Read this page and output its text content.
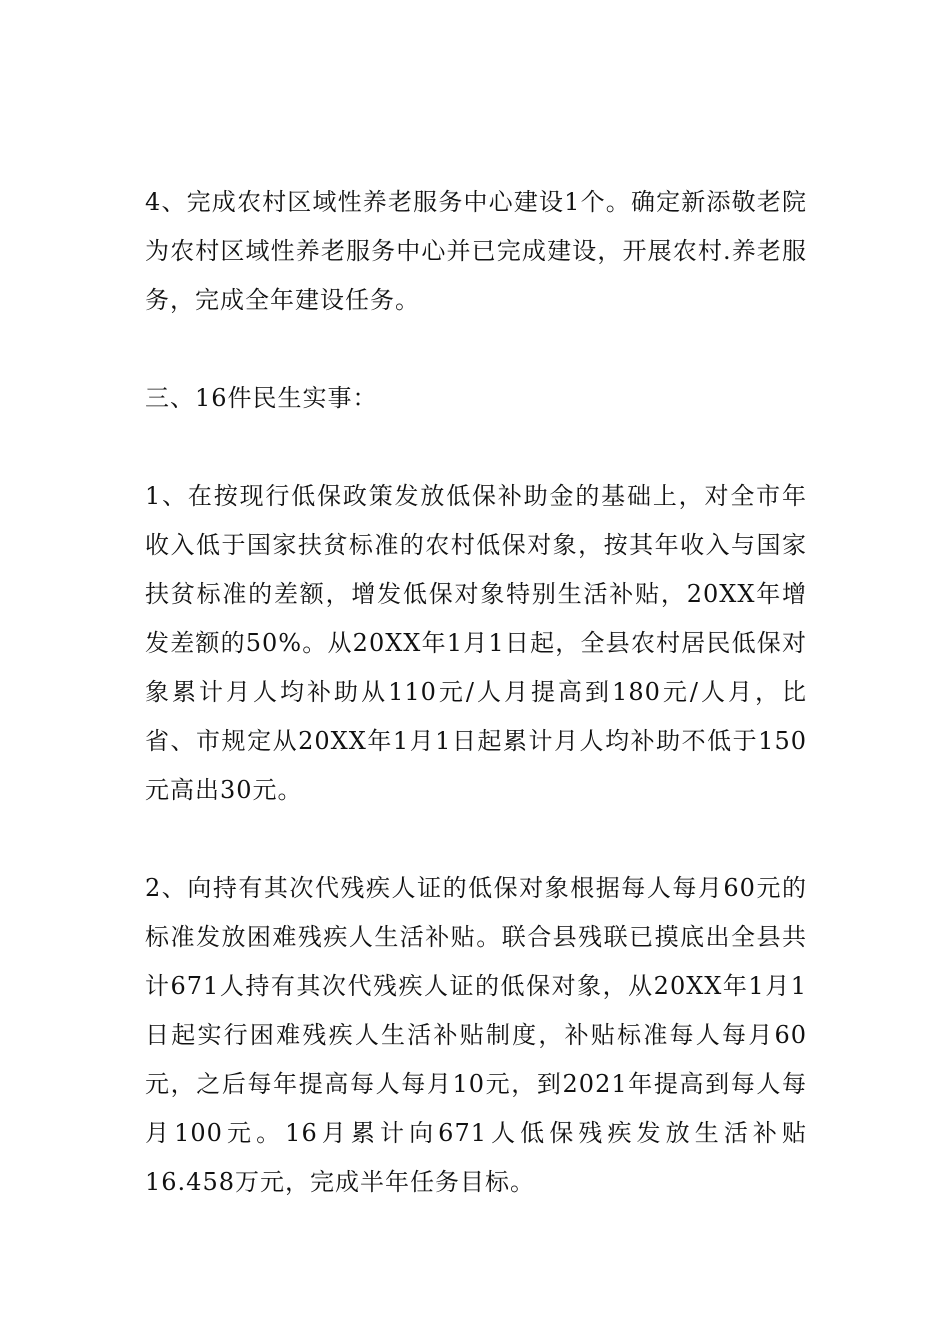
4、完成农村区域性养老服务中心建设1个。确定新添敬老院为农村区域性养老服务中心并已完成建设，开展农村.养老服务，完成全年建设任务。

三、16件民生实事：

1、在按现行低保政策发放低保补助金的基础上，对全市年收入低于国家扶贫标准的农村低保对象，按其年收入与国家扶贫标准的差额，增发低保对象特别生活补贴，20XX年增发差额的50%。从20XX年1月1日起，全县农村居民低保对象累计月人均补助从110元/人月提高到180元/人月，比省、市规定从20XX年1月1日起累计月人均补助不低于150元高出30元。

2、向持有其次代残疾人证的低保对象根据每人每月60元的标准发放困难残疾人生活补贴。联合县残联已摸底出全县共计671人持有其次代残疾人证的低保对象，从20XX年1月1日起实行困难残疾人生活补贴制度，补贴标准每人每月60元，之后每年提高每人每月10元，到2021年提高到每人每月100元。16月累计向671人低保残疾发放生活补贴16.458万元，完成半年任务目标。
